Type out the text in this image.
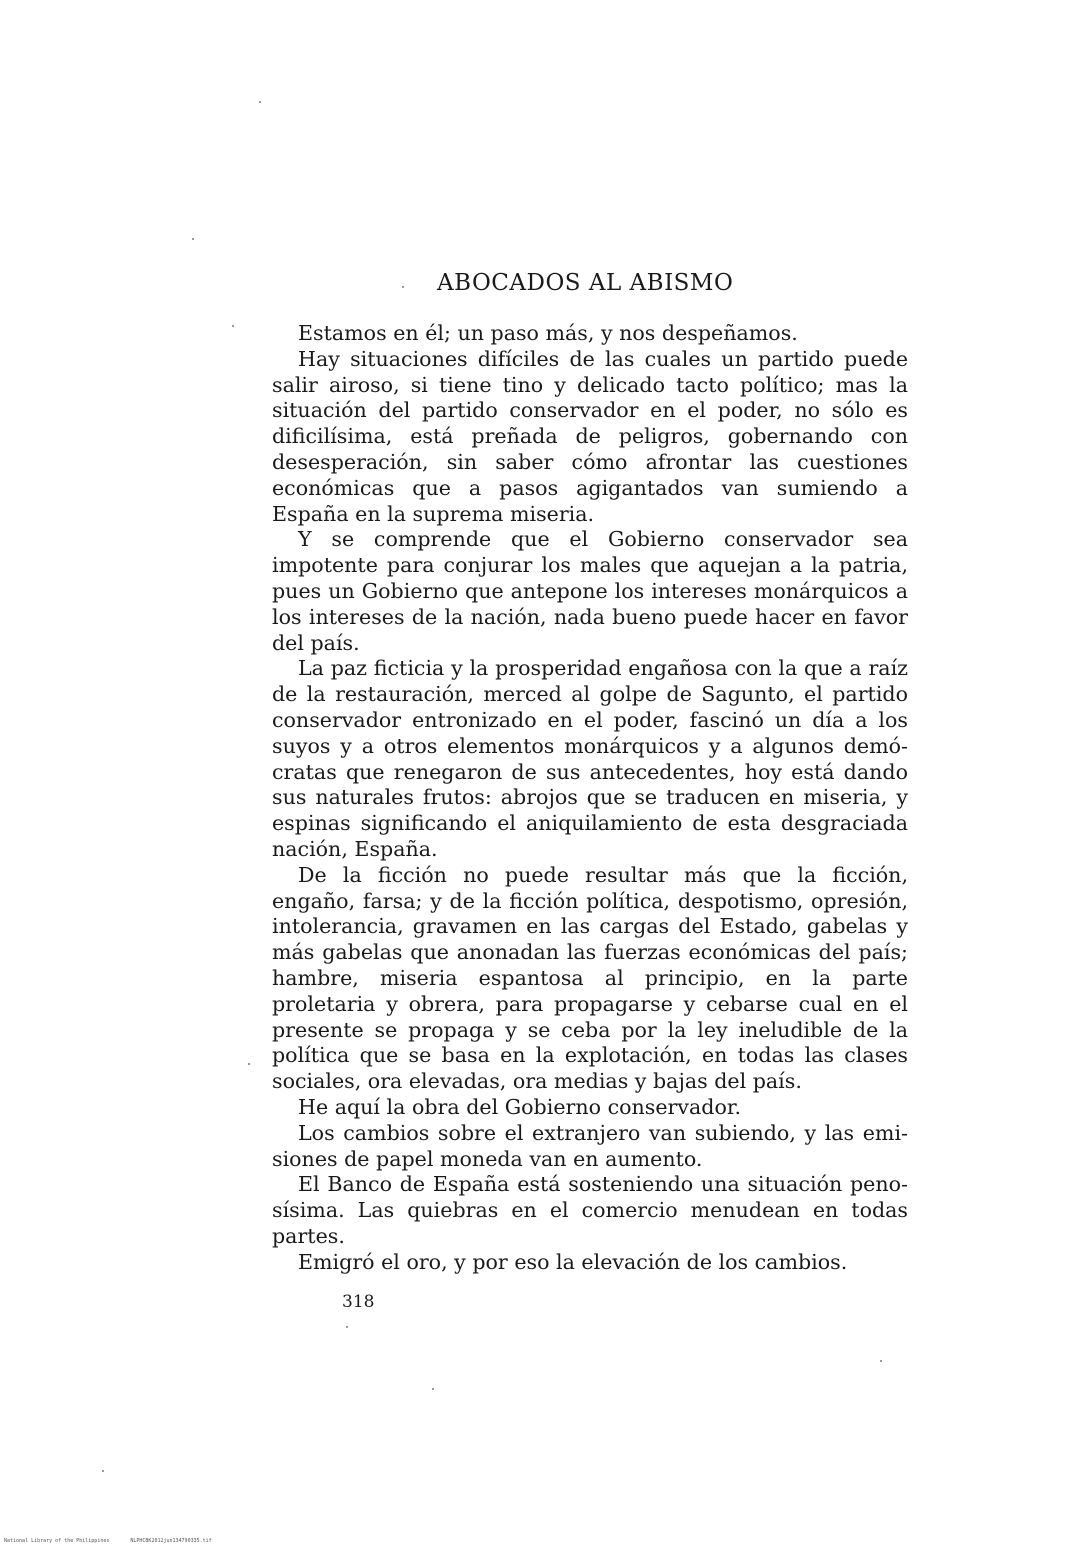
ABOCADOS AL ABISMO

Estamos en él; un paso más, y nos despeñamos.

Hay situaciones difíciles de las cuales un partido puede salir airoso, si tiene tino y delicado tacto político; mas la situación del partido conservador en el poder, no sólo es dificilísima, está preñada de peligros, gobernando con desesperación, sin saber cómo afrontar las cuestiones económicas que a pasos agigantados van sumiendo a España en la suprema miseria.

Y se comprende que el Gobierno conservador sea impotente para conjurar los males que aquejan a la patria, pues un Gobierno que antepone los intereses monárquicos a los intereses de la nación, nada bueno puede hacer en favor del país.

La paz ficticia y la prosperidad engañosa con la que a raíz de la restauración, merced al golpe de Sagunto, el partido conservador entronizado en el poder, fascinó un día a los suyos y a otros elementos monárquicos y a algunos demócratas que renegaron de sus antecedentes, hoy está dando sus naturales frutos: abrojos que se traducen en miseria, y espinas significando el aniquilamiento de esta desgraciada nación, España.

De la ficción no puede resultar más que la ficción, engaño, farsa; y de la ficción política, despotismo, opresión, intolerancia, gravamen en las cargas del Estado, gabelas y más gabelas que anonadan las fuerzas económicas del país; hambre, miseria espantosa al principio, en la parte proletaria y obrera, para propagarse y cebarse cual en el presente se propaga y se ceba por la ley ineludible de la política que se basa en la explotación, en todas las clases sociales, ora elevadas, ora medias y bajas del país.

He aquí la obra del Gobierno conservador.

Los cambios sobre el extranjero van subiendo, y las emisiones de papel moneda van en aumento.

El Banco de España está sosteniendo una situación penosísima. Las quiebras en el comercio menudean en todas partes.

Emigró el oro, y por eso la elevación de los cambios.

318

National Library of the Philippines	NLPHCBK2012jun134790335.tif
